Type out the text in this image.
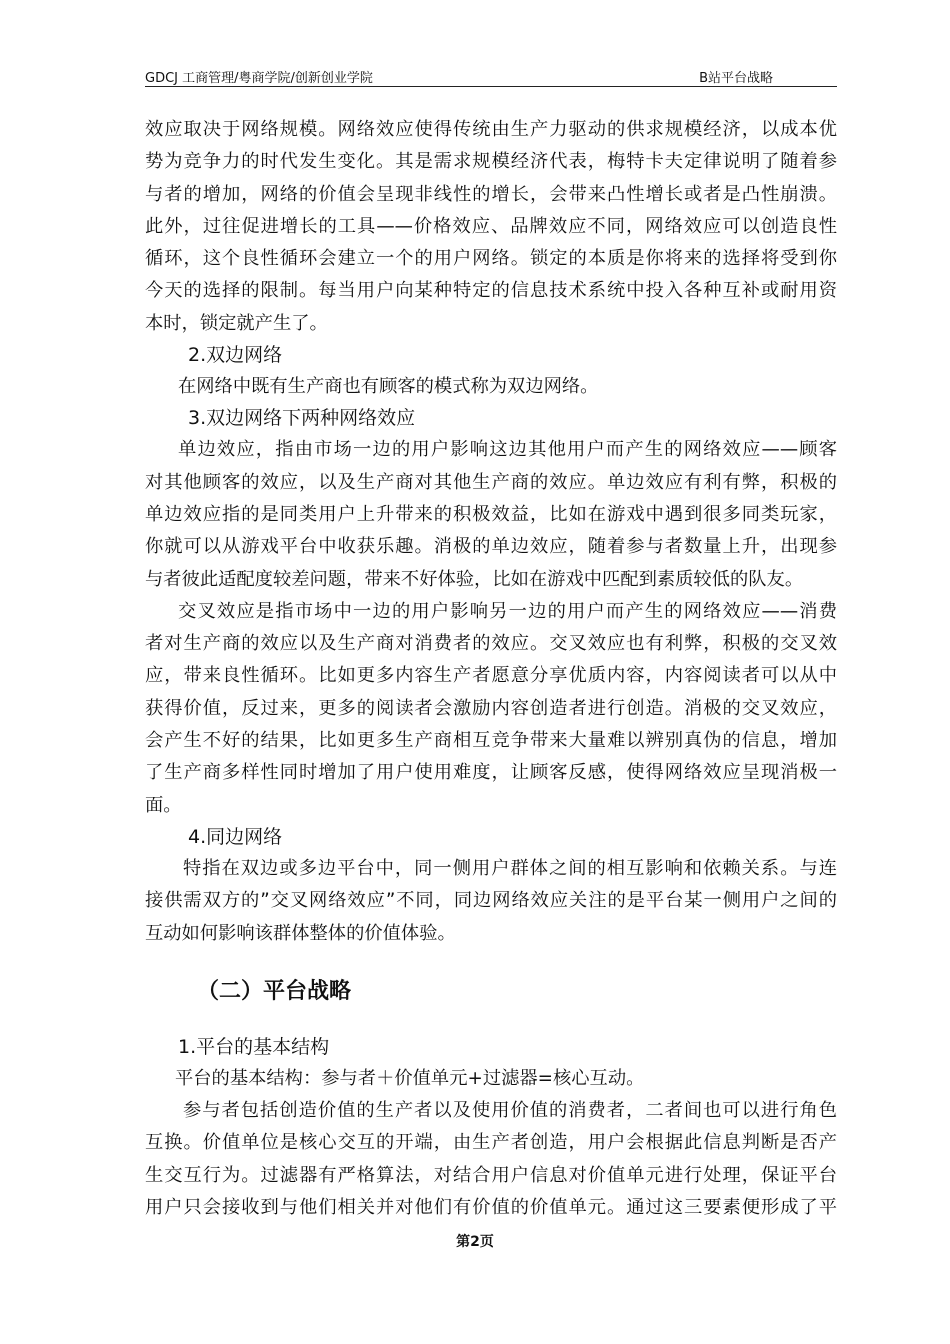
GDCJ 工商管理/粤商学院/创新创业学院	B站平台战略
效应取决于网络规模。网络效应使得传统由生产力驱动的供求规模经济，以成本优
势为竞争力的时代发生变化。其是需求规模经济代表，梅特卡夫定律说明了随着参
与者的增加，网络的价值会呈现非线性的增长，会带来凸性增长或者是凸性崩溃。
此外，过往促进增长的工具——价格效应、品牌效应不同，网络效应可以创造良性
循环，这个良性循环会建立一个的用户网络。锁定的本质是你将来的选择将受到你
今天的选择的限制。每当用户向某种特定的信息技术系统中投入各种互补或耐用资
本时，锁定就产生了。
2.双边网络
在网络中既有生产商也有顾客的模式称为双边网络。
3.双边网络下两种网络效应
单边效应，指由市场一边的用户影响这边其他用户而产生的网络效应——顾客
对其他顾客的效应，以及生产商对其他生产商的效应。单边效应有利有弊，积极的
单边效应指的是同类用户上升带来的积极效益，比如在游戏中遇到很多同类玩家，
你就可以从游戏平台中收获乐趣。消极的单边效应，随着参与者数量上升，出现参
与者彼此适配度较差问题，带来不好体验，比如在游戏中匹配到素质较低的队友。
交叉效应是指市场中一边的用户影响另一边的用户而产生的网络效应——消费
者对生产商的效应以及生产商对消费者的效应。交叉效应也有利弊，积极的交叉效
应，带来良性循环。比如更多内容生产者愿意分享优质内容，内容阅读者可以从中
获得价值，反过来，更多的阅读者会激励内容创造者进行创造。消极的交叉效应，
会产生不好的结果，比如更多生产商相互竞争带来大量难以辨别真伪的信息，增加
了生产商多样性同时增加了用户使用难度，让顾客反感，使得网络效应呈现消极一
面。
4.同边网络
特指在双边或多边平台中，同一侧用户群体之间的相互影响和依赖关系。与连
接供需双方的”交叉网络效应”不同，同边网络效应关注的是平台某一侧用户之间的
互动如何影响该群体整体的价值体验。
（二）平台战略
1.平台的基本结构
平台的基本结构：参与者＋价值单元+过滤器=核心互动。
参与者包括创造价值的生产者以及使用价值的消费者，二者间也可以进行角色
互换。价值单位是核心交互的开端，由生产者创造，用户会根据此信息判断是否产
生交互行为。过滤器有严格算法，对结合用户信息对价值单元进行处理，保证平台
用户只会接收到与他们相关并对他们有价值的价值单元。通过这三要素便形成了平
第2页
